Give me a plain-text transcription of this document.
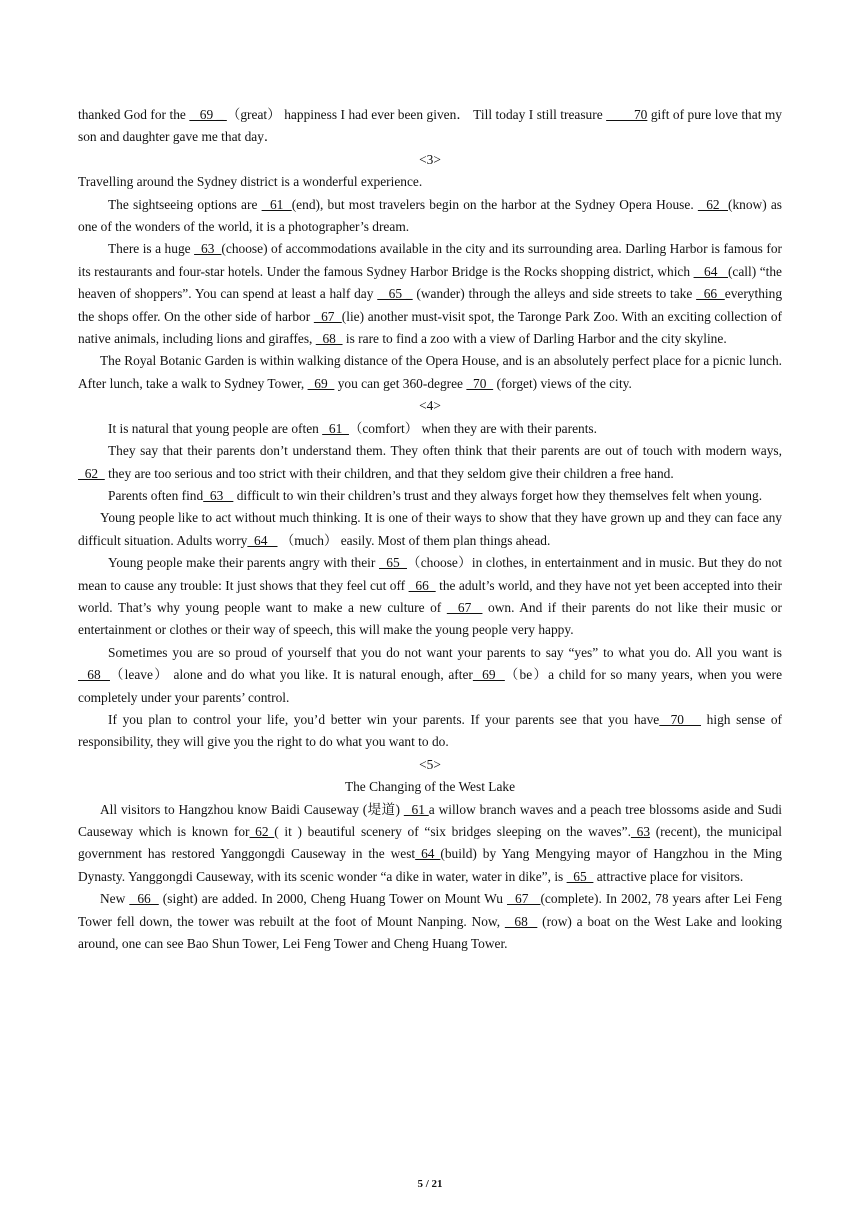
thanked God for the    69 _ （great） happiness I had ever been given． Till today I still treasure         70 gift of pure love that my son and daughter gave me that day．

<3>

Travelling around the Sydney district is a wonderful experience.

The sightseeing options are   61  (end), but most travelers begin on the harbor at the Sydney Opera House.   62  (know) as one of the wonders of the world, it is a photographer’s dream.

There is a huge   63  (choose) of accommodations available in the city and its surrounding area. Darling Harbor is famous for its restaurants and four-star hotels. Under the famous Sydney Harbor Bridge is the Rocks shopping district, which    64   (call) “the heaven of shoppers”. You can spend at least a half day    65 _ (wander) through the alleys and side streets to take   66  everything the shops offer. On the other side of harbor   67  (lie) another must-visit spot, the Taronge Park Zoo. With an exciting collection of native animals, including lions and giraffes,   68   is rare to find a zoo with a view of Darling Harbor and the city skyline.

The Royal Botanic Garden is within walking distance of the Opera House, and is an absolutely perfect place for a picnic lunch. After lunch, take a walk to Sydney Tower,   69   you can get 360-degree   70   (forget) views of the city.

<4>

It is natural that young people are often   61  （comfort） when they are with their parents.

They say that their parents don’t understand them. They often think that their parents are out of touch with modern ways,  62   they are too serious and too strict with their children, and that they seldom give their children a free hand.

Parents often find  63    difficult to win their children’s trust and they always forget how they themselves felt when young.

Young people like to act without much thinking. It is one of their ways to show that they have grown up and they can face any difficult situation. Adults worry  64    （much） easily. Most of them plan things ahead.

Young people make their parents angry with their   65  （choose）in clothes, in entertainment and in music. But they do not mean to cause any trouble: It just shows that they feel cut off   66   the adult’s world, and they have not yet been accepted into their world. That’s why young people want to make a new culture of   67   own. And if their parents do not like their music or entertainment or clothes or their way of speech, this will make the young people very happy.

Sometimes you are so proud of yourself that you do not want your parents to say “yes” to what you do. All you want is   68  （leave） alone and do what you like. It is natural enough, after  69  （be）a child for so many years, when you were completely under your parents’ control.

If you plan to control your life, you’d better win your parents. If your parents see that you have  70    high sense of responsibility, they will give you the right to do what you want to do.

<5>

The Changing of the West Lake

All visitors to Hangzhou know Baidi Causeway (堤道)   61 a willow branch waves and a peach tree blossoms aside and Sudi Causeway which is known for 62 ( it ) beautiful scenery of “six bridges sleeping on the waves”. 63 (recent), the municipal government has restored Yanggongdi Causeway in the west 64 (build) by Yang Mengying mayor of Hangzhou in the Ming Dynasty. Yanggongdi Causeway, with its scenic wonder “a dike in water, water in dike”, is   65   attractive place for visitors.

New   66   (sight) are added. In 2000, Cheng Huang Tower on Mount Wu   67   (complete). In 2002, 78 years after Lei Feng Tower fell down, the tower was rebuilt at the foot of Mount Nanping. Now,   68   (row) a boat on the West Lake and looking around, one can see Bao Shun Tower, Lei Feng Tower and Cheng Huang Tower.

5 / 21
